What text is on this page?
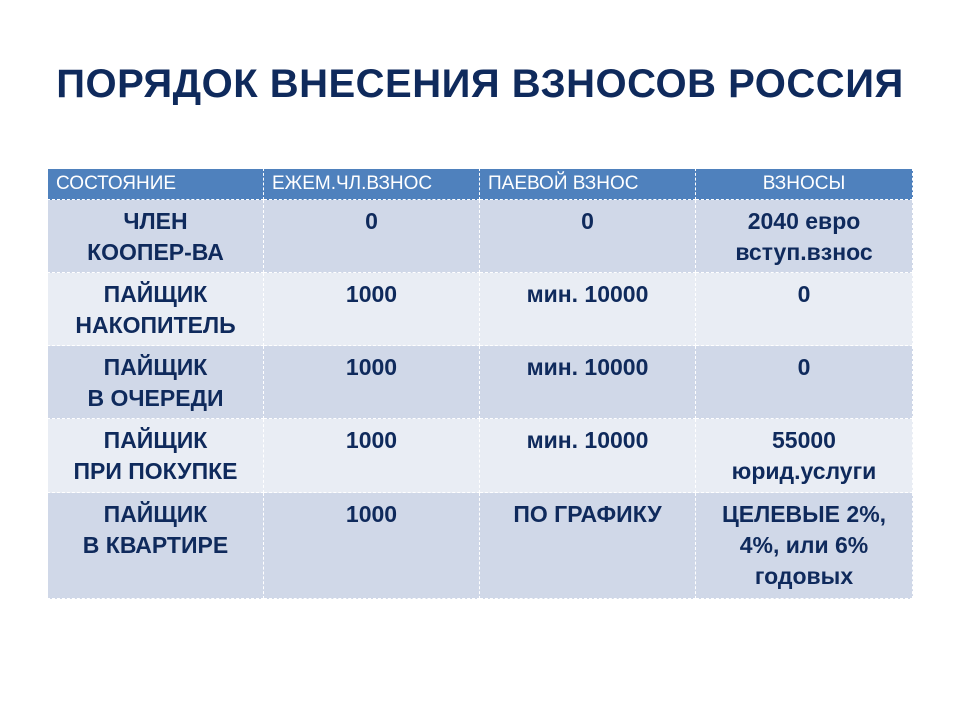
ПОРЯДОК ВНЕСЕНИЯ ВЗНОСОВ РОССИЯ
СОСТОЯНИЕ	ЕЖЕМ.ЧЛ.ВЗНОС	ПАЕВОЙ ВЗНОС	ВЗНОСЫ

ЧЛЕН
КООПЕР-ВА	0	0	2040 евро
вступ.взнос

ПАЙЩИК
НАКОПИТЕЛЬ	1000	мин. 10000	0

ПАЙЩИК
В ОЧЕРЕДИ	1000	мин. 10000	0

ПАЙЩИК
ПРИ ПОКУПКЕ	1000	мин. 10000	55000
юрид.услуги

ПАЙЩИК
В КВАРТИРЕ	1000	ПО ГРАФИКУ	ЦЕЛЕВЫЕ 2%,
4%, или 6%
годовых
